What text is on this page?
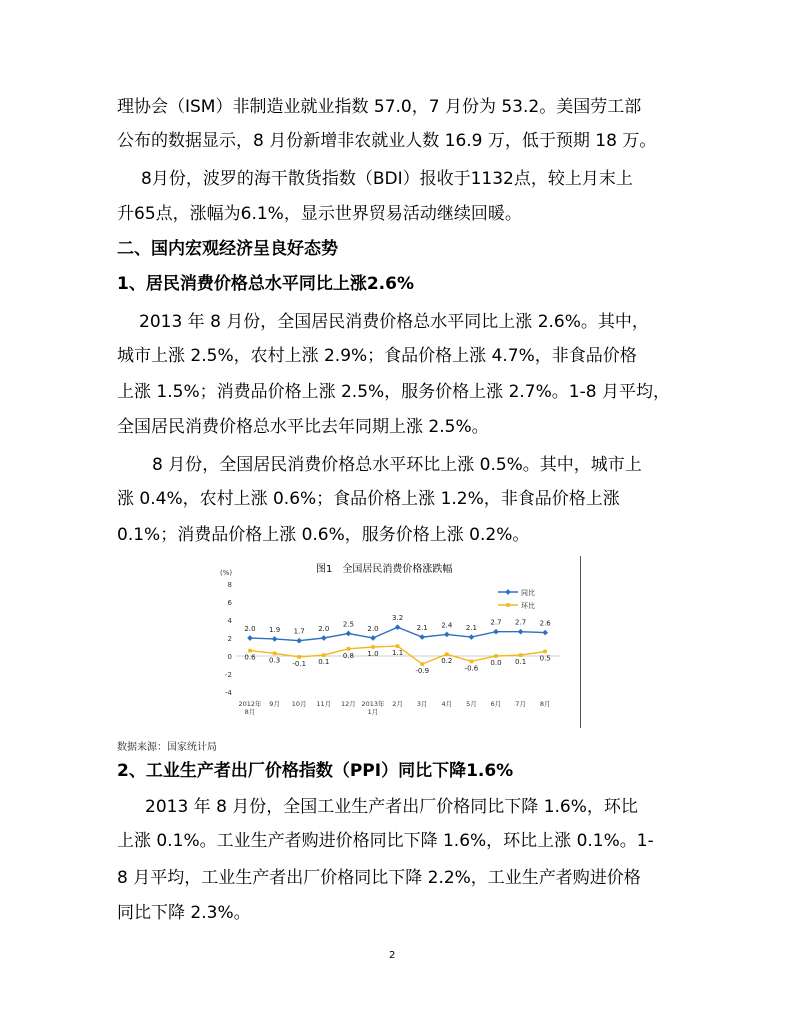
理协会（ISM）非制造业就业指数 57.0，7 月份为 53.2。美国劳工部
公布的数据显示，8 月份新增非农就业人数 16.9 万，低于预期 18 万。
8月份，波罗的海干散货指数（BDI）报收于1132点，较上月末上
升65点，涨幅为6.1%，显示世界贸易活动继续回暖。
二、国内宏观经济呈良好态势
1、居民消费价格总水平同比上涨2.6%
2013 年 8 月份，全国居民消费价格总水平同比上涨 2.6%。其中，
城市上涨 2.5%，农村上涨 2.9%；食品价格上涨 4.7%，非食品价格
上涨 1.5%；消费品价格上涨 2.5%，服务价格上涨 2.7%。1-8 月平均，
全国居民消费价格总水平比去年同期上涨 2.5%。
8 月份，全国居民消费价格总水平环比上涨 0.5%。其中，城市上
涨 0.4%，农村上涨 0.6%；食品价格上涨 1.2%，非食品价格上涨
0.1%；消费品价格上涨 0.6%，服务价格上涨 0.2%。
图1　全国居民消费价格涨跌幅
(%)
8
6
4
2
0
-2
-4
2012年
8月
9月 10月 11月 12月 2013年
1月
2月 3月 4月 5月 6月 7月 8月
2.0 1.9 1.7 2.0
2.5
2.0
3.2
2.1 2.4 2.1
2.7 2.7 2.6
0.6 0.3 -0.1 0.1
0.8 1.0 1.1
-0.9
0.2
-0.6
0.0 0.1 0.5
同比
环比
数据来源：国家统计局
2、工业生产者出厂价格指数（PPI）同比下降1.6%
2013 年 8 月份，全国工业生产者出厂价格同比下降 1.6%，环比
上涨 0.1%。工业生产者购进价格同比下降 1.6%，环比上涨 0.1%。1-
8 月平均，工业生产者出厂价格同比下降 2.2%，工业生产者购进价格
同比下降 2.3%。
2
